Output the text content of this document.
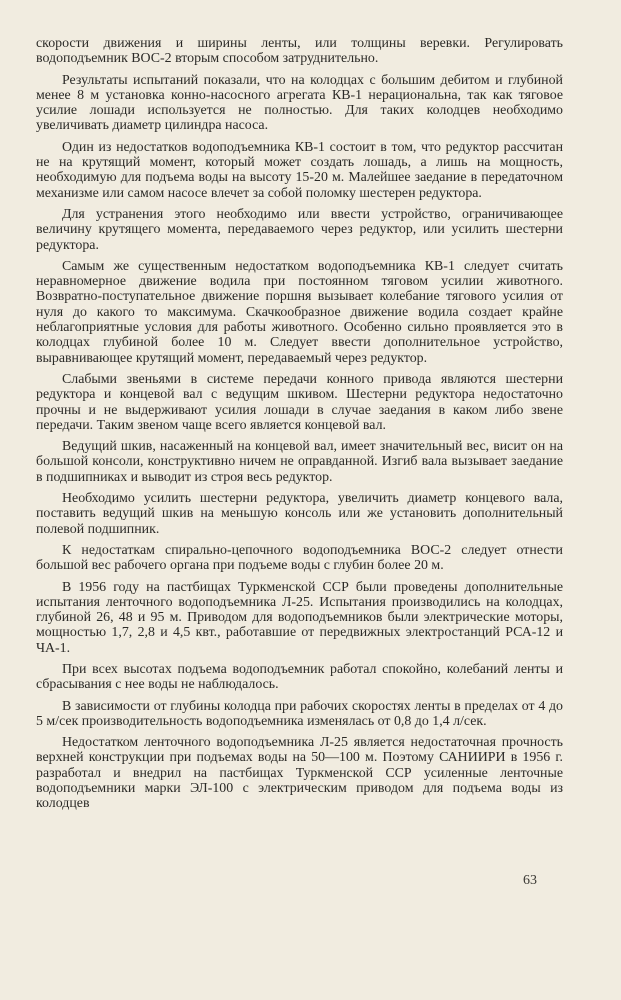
скорости движения и ширины ленты, или толщины веревки. Регулировать водоподъемник ВОС-2 вторым способом затруднительно.

Результаты испытаний показали, что на колодцах с большим дебитом и глубиной менее 8 м установка конно-насосного агрегата КВ-1 нерациональна, так как тяговое усилие лошади используется не полностью. Для таких колодцев необходимо увеличивать диаметр цилиндра насоса.

Один из недостатков водоподъемника КВ-1 состоит в том, что редуктор рассчитан не на крутящий момент, который может создать лошадь, а лишь на мощность, необходимую для подъема воды на высоту 15-20 м. Малейшее заедание в передаточном механизме или самом насосе влечет за собой поломку шестерен редуктора.

Для устранения этого необходимо или ввести устройство, ограничивающее величину крутящего момента, передаваемого через редуктор, или усилить шестерни редуктора.

Самым же существенным недостатком водоподъемника КВ-1 следует считать неравномерное движение водила при постоянном тяговом усилии животного. Возвратно-поступательное движение поршня вызывает колебание тягового усилия от нуля до какого то максимума. Скачкообразное движение водила создает крайне неблагоприятные условия для работы животного. Особенно сильно проявляется это в колодцах глубиной более 10 м. Следует ввести дополнительное устройство, выравнивающее крутящий момент, передаваемый через редуктор.

Слабыми звеньями в системе передачи конного привода являются шестерни редуктора и концевой вал с ведущим шкивом. Шестерни редуктора недостаточно прочны и не выдерживают усилия лошади в случае заедания в каком либо звене передачи. Таким звеном чаще всего является концевой вал.

Ведущий шкив, насаженный на концевой вал, имеет значительный вес, висит он на большой консоли, конструктивно ничем не оправданной. Изгиб вала вызывает заедание в подшипниках и выводит из строя весь редуктор.

Необходимо усилить шестерни редуктора, увеличить диаметр концевого вала, поставить ведущий шкив на меньшую консоль или же установить дополнительный полевой подшипник.

К недостаткам спирально-цепочного водоподъемника ВОС-2 следует отнести большой вес рабочего органа при подъеме воды с глубин более 20 м.

В 1956 году на пастбищах Туркменской ССР были проведены дополнительные испытания ленточного водоподъемника Л-25. Испытания производились на колодцах, глубиной 26, 48 и 95 м. Приводом для водоподъемников были электрические моторы, мощностью 1,7, 2,8 и 4,5 квт., работавшие от передвижных электростанций РСА-12 и ЧА-1.

При всех высотах подъема водоподъемник работал спокойно, колебаний ленты и сбрасывания с нее воды не наблюдалось.

В зависимости от глубины колодца при рабочих скоростях ленты в пределах от 4 до 5 м/сек производительность водоподъемника изменялась от 0,8 до 1,4 л/сек.

Недостатком ленточного водоподъемника Л-25 является недостаточная прочность верхней конструкции при подъемах воды на 50—100 м. Поэтому САНИИРИ в 1956 г. разработал и внедрил на пастбищах Туркменской ССР усиленные ленточные водоподъемники марки ЭЛ-100 с электрическим приводом для подъема воды из колодцев

63
